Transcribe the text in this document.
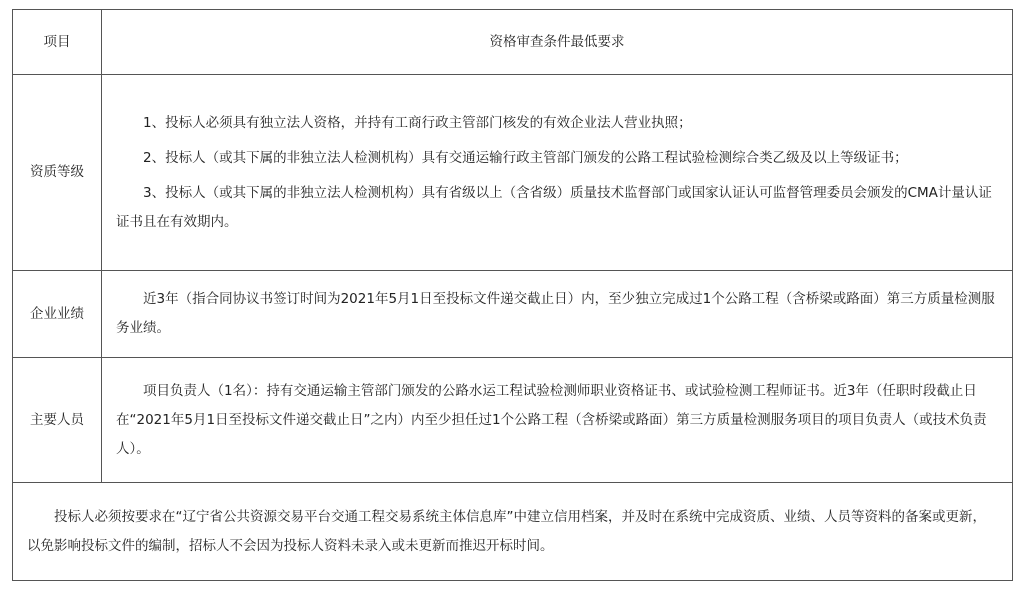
项目	资格审查条件最低要求
资质等级	1、投标人必须具有独立法人资格，并持有工商行政主管部门核发的有效企业法人营业执照；

2、投标人（或其下属的非独立法人检测机构）具有交通运输行政主管部门颁发的公路工程试验检测综合类乙级及以上等级证书；

3、投标人（或其下属的非独立法人检测机构）具有省级以上（含省级）质量技术监督部门或国家认证认可监督管理委员会颁发的CMA计量认证证书且在有效期内。

企业业绩	近3年（指合同协议书签订时间为2021年5月1日至投标文件递交截止日）内，至少独立完成过1个公路工程（含桥梁或路面）第三方质量检测服务业绩。

主要人员	项目负责人（1名）：持有交通运输主管部门颁发的公路水运工程试验检测师职业资格证书、或试验检测工程师证书。近3年（任职时段截止日在“2021年5月1日至投标文件递交截止日”之内）内至少担任过1个公路工程（含桥梁或路面）第三方质量检测服务项目的项目负责人（或技术负责人）。

投标人必须按要求在“辽宁省公共资源交易平台交通工程交易系统主体信息库”中建立信用档案，并及时在系统中完成资质、业绩、人员等资料的备案或更新，以免影响投标文件的编制，招标人不会因为投标人资料未录入或未更新而推迟开标时间。	
